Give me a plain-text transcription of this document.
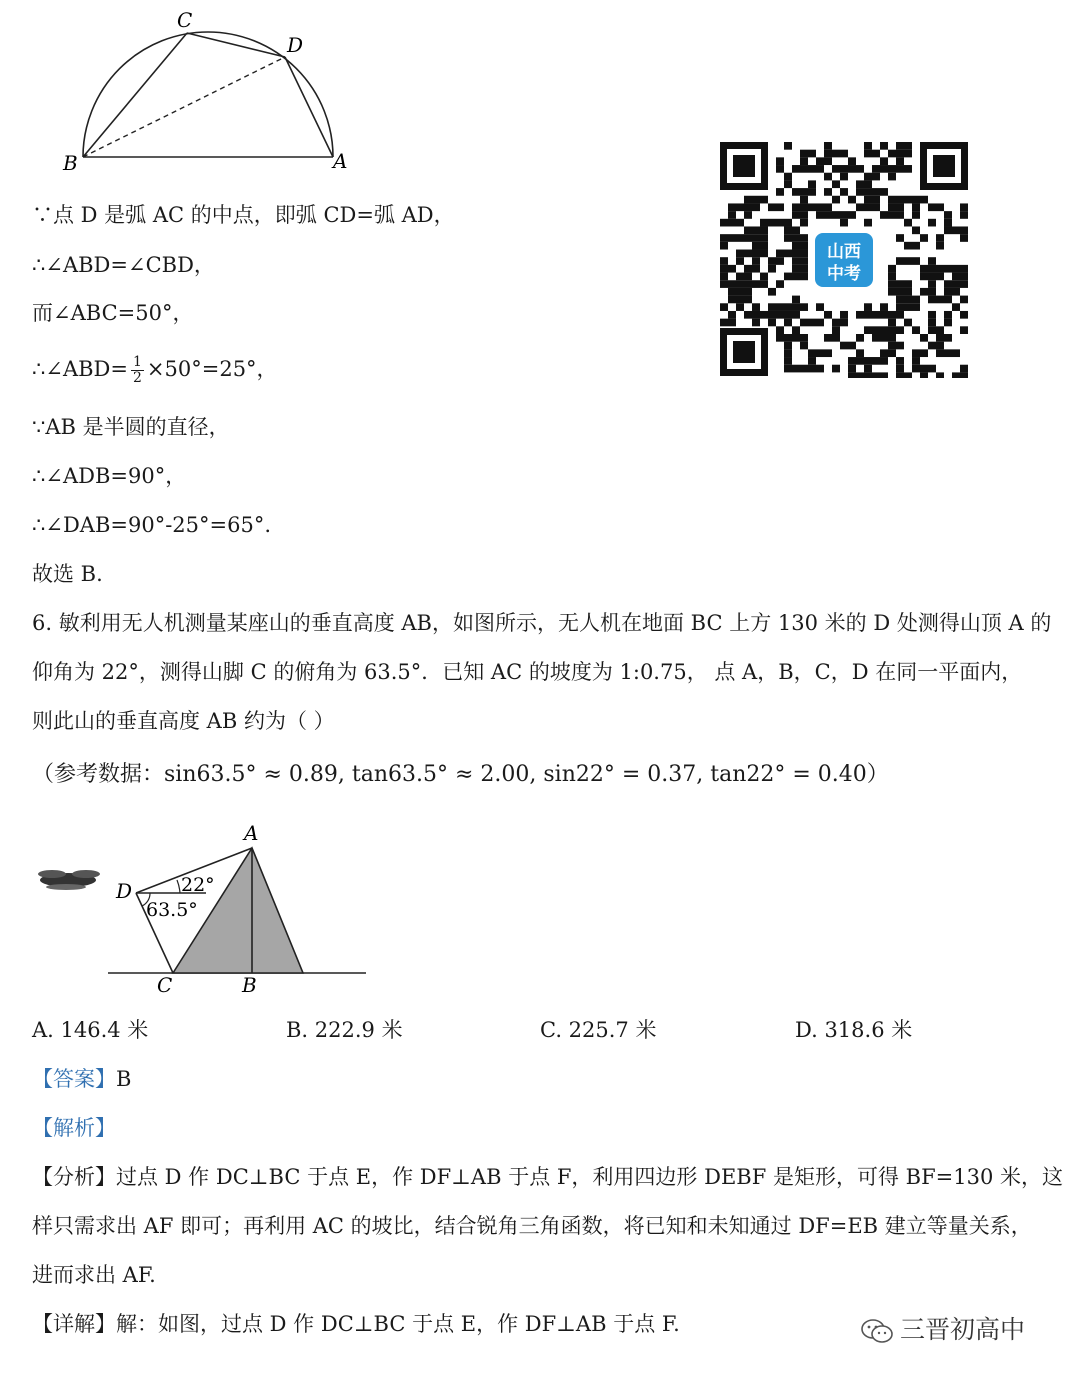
C
D
B	A
∵点 D 是弧 AC 的中点，即弧 CD=弧 AD，
∴∠ABD=∠CBD，
而∠ABC=50°，
∴∠ABD= $\frac{1}{2} \times 50^\circ=25^\circ$，
∵AB 是半圆的直径，
∴∠ADB=90°，
∴∠DAB=90°-25°=65°.
故选 B.
山西
中考
6. 敏利用无人机测量某座山的垂直高度 AB，如图所示，无人机在地面 BC 上方 130 米的 D 处测得山顶 A 的
仰角为 22°，测得山脚 C 的俯角为 63.5°．已知 AC 的坡度为 1:0.75， 点 A，B，C，D 在同一平面内，
则此山的垂直高度 AB 约为（ ）
（参考数据：sin63.5° ≈ 0.89, tan63.5° ≈ 2.00, sin22° = 0.37, tan22° = 0.40）
D
A
C	B
22°
63.5°
A. 146.4 米	B. 222.9 米	C. 225.7 米	D. 318.6 米
【答案】B
【解析】
【分析】过点 D 作 DC⊥BC 于点 E，作 DF⊥AB 于点 F，利用四边形 DEBF 是矩形，可得 BF=130 米，这
样只需求出 AF 即可；再利用 AC 的坡比，结合锐角三角函数，将已知和未知通过 DF=EB 建立等量关系，
进而求出 AF.
【详解】解：如图，过点 D 作 DC⊥BC 于点 E，作 DF⊥AB 于点 F.	三晋初高中
